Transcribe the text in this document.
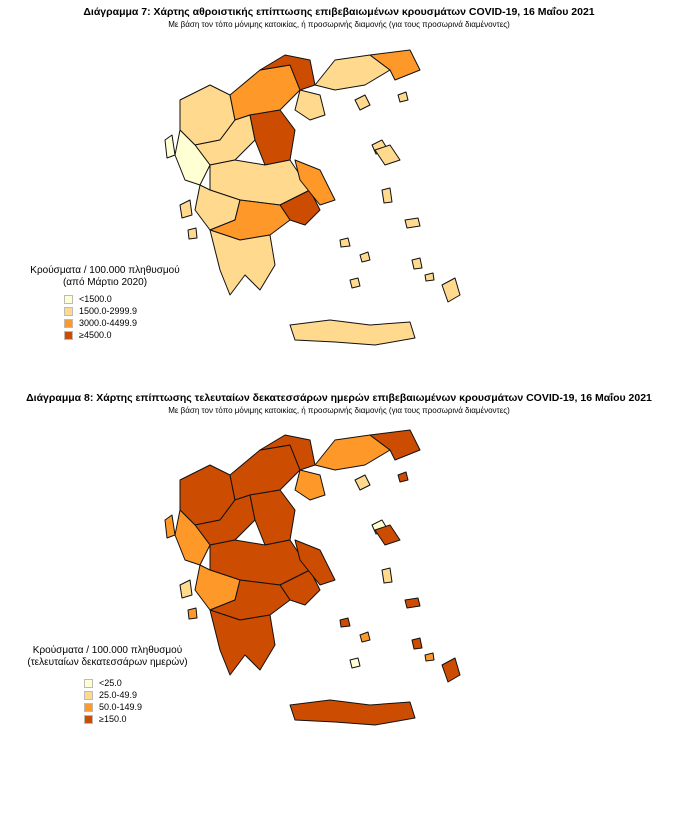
Διάγραμμα 7: Χάρτης αθροιστικής επίπτωσης επιβεβαιωμένων κρουσμάτων COVID-19, 16 Μαΐου 2021
Με βάση τον τόπο μόνιμης κατοικίας, ή προσωρινής διαμονής (για τους προσωρινά διαμένοντες)
Κρούσματα / 100.000 πληθυσμού
(από Μάρτιο 2020)
<1500.0
1500.0-2999.9
3000.0-4499.9
≥4500.0
Διάγραμμα 8: Χάρτης επίπτωσης τελευταίων δεκατεσσάρων ημερών επιβεβαιωμένων κρουσμάτων COVID-19, 16 Μαΐου 2021
Με βάση τον τόπο μόνιμης κατοικίας, ή προσωρινής διαμονής (για τους προσωρινά διαμένοντες)
Κρούσματα / 100.000 πληθυσμού
(τελευταίων δεκατεσσάρων ημερών)
<25.0
25.0-49.9
50.0-149.9
≥150.0
